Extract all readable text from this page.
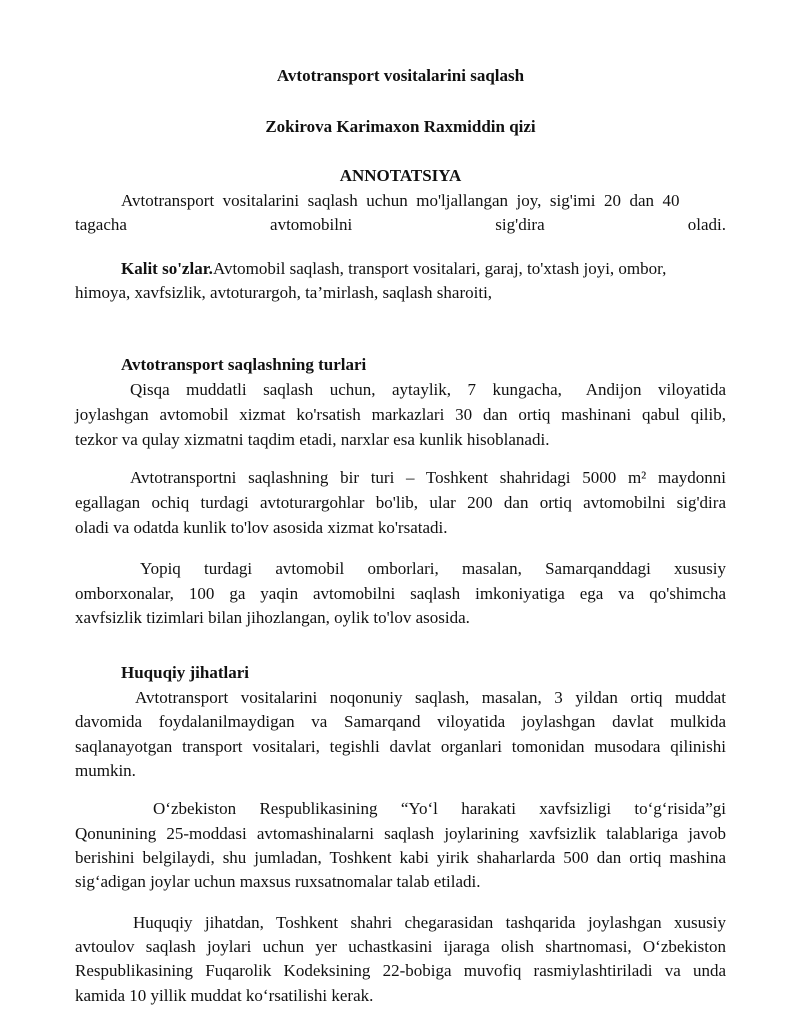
Avtotransport vositalarini saqlash
Zokirova Karimaxon Raxmiddin qizi
ANNOTATSIYA
Avtotransport  vositalarini  saqlash  uchun  mo'ljallangan  joy,  sig'imi  20  dan  40
tagacha avtomobilni sig'dira oladi.
Kalit so'zlar.Avtomobil saqlash, transport vositalari, garaj, to'xtash joyi, ombor,
himoya, xavfsizlik, avtoturargoh, ta’mirlash, saqlash sharoiti,
Avtotransport saqlashning turlari
Qisqa  muddatli  saqlash  uchun,  aytaylik,  7  kungacha,   Andijon  viloyatida
joylashgan avtomobil xizmat ko'rsatish markazlari 30 dan ortiq mashinani qabul qilib,
tezkor va qulay xizmatni taqdim etadi, narxlar esa kunlik hisoblanadi.
Avtotransportni  saqlashning  bir  turi  –  Toshkent  shahridagi  5000  m²  maydonni
egallagan ochiq turdagi avtoturargohlar bo'lib, ular 200 dan ortiq avtomobilni sig'dira
oladi va odatda kunlik to'lov asosida xizmat ko'rsatadi.
Yopiq   turdagi   avtomobil   omborlari,   masalan,   Samarqanddagi   xususiy
omborxonalar, 100 ga yaqin avtomobilni saqlash imkoniyatiga ega va qo'shimcha
xavfsizlik tizimlari bilan jihozlangan, oylik to'lov asosida.
Huquqiy jihatlari
Avtotransport  vositalarini  noqonuniy  saqlash,  masalan,  3  yildan  ortiq  muddat
davomida foydalanilmaydigan va Samarqand viloyatida joylashgan davlat mulkida
saqlanayotgan transport vositalari, tegishli davlat organlari tomonidan musodara qilinishi
mumkin.
O‘zbekiston   Respublikasining   “Yo‘l   harakati   xavfsizligi   to‘g‘risida”gi
Qonunining 25-moddasi avtomashinalarni saqlash joylarining xavfsizlik talablariga javob
berishini belgilaydi, shu jumladan, Toshkent kabi yirik shaharlarda 500 dan ortiq mashina
sig‘adigan joylar uchun maxsus ruxsatnomalar talab etiladi.
Huquqiy  jihatdan,  Toshkent  shahri  chegarasidan  tashqarida  joylashgan  xususiy
avtoulov saqlash joylari uchun yer uchastkasini ijaraga olish shartnomasi, O‘zbekiston
Respublikasining Fuqarolik Kodeksining 22-bobiga muvofiq rasmiylashtiriladi va unda
kamida 10 yillik muddat ko‘rsatilishi kerak.
